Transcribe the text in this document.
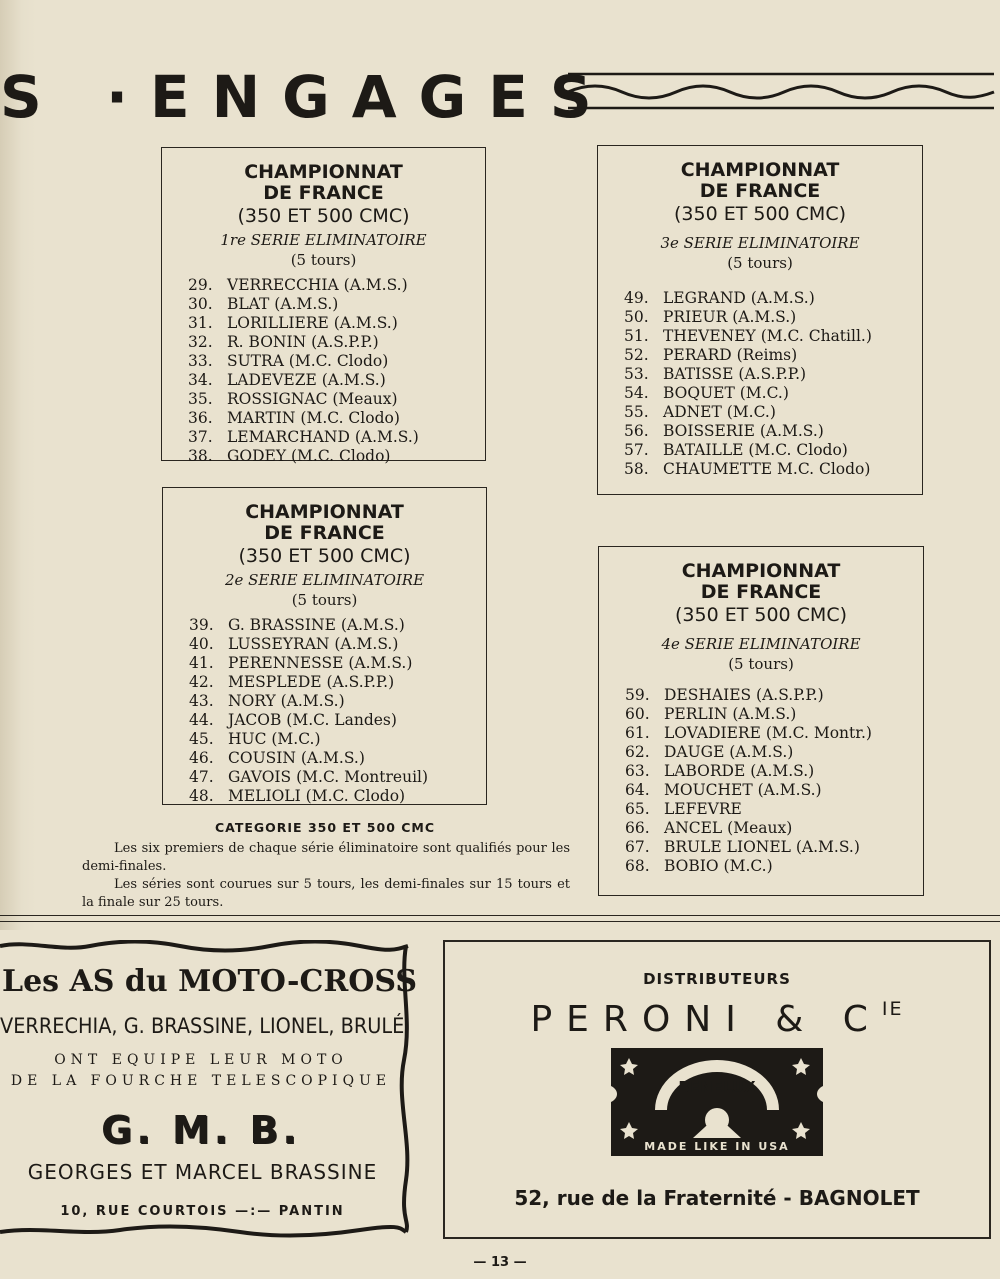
S ·ENGAGES
CHAMPIONNAT
DE FRANCE
(350 ET 500 CMC)
1re SERIE ELIMINATOIRE
(5 tours)
29. VERRECCHIA (A.M.S.)
30. BLAT (A.M.S.)
31. LORILLIERE (A.M.S.)
32. R. BONIN (A.S.P.P.)
33. SUTRA (M.C. Clodo)
34. LADEVEZE (A.M.S.)
35. ROSSIGNAC (Meaux)
36. MARTIN (M.C. Clodo)
37. LEMARCHAND (A.M.S.)
38. GODEY (M.C. Clodo)
CHAMPIONNAT
DE FRANCE
(350 ET 500 CMC)
2e SERIE ELIMINATOIRE
(5 tours)
39. G. BRASSINE (A.M.S.)
40. LUSSEYRAN (A.M.S.)
41. PERENNESSE (A.M.S.)
42. MESPLEDE (A.S.P.P.)
43. NORY (A.M.S.)
44. JACOB (M.C. Landes)
45. HUC (M.C.)
46. COUSIN (A.M.S.)
47. GAVOIS (M.C. Montreuil)
48. MELIOLI (M.C. Clodo)
CHAMPIONNAT
DE FRANCE
(350 ET 500 CMC)
3e SERIE ELIMINATOIRE
(5 tours)
49. LEGRAND (A.M.S.)
50. PRIEUR (A.M.S.)
51. THEVENEY (M.C. Chatill.)
52. PERARD (Reims)
53. BATISSE (A.S.P.P.)
54. BOQUET (M.C.)
55. ADNET (M.C.)
56. BOISSERIE (A.M.S.)
57. BATAILLE (M.C. Clodo)
58. CHAUMETTE M.C. Clodo)
CHAMPIONNAT
DE FRANCE
(350 ET 500 CMC)
4e SERIE ELIMINATOIRE
(5 tours)
59. DESHAIES (A.S.P.P.)
60. PERLIN (A.M.S.)
61. LOVADIERE (M.C. Montr.)
62. DAUGE (A.M.S.)
63. LABORDE (A.M.S.)
64. MOUCHET (A.M.S.)
65. LEFEVRE
66. ANCEL (Meaux)
67. BRULE LIONEL (A.M.S.)
68. BOBIO (M.C.)
CATEGORIE 350 ET 500 CMC

Les six premiers de chaque série éliminatoire sont qualifiés pour les demi-finales.

Les séries sont courues sur 5 tours, les demi-finales sur 15 tours et la finale sur 25 tours.

Les AS du MOTO-CROSS
VERRECHIA, G. BRASSINE, LIONEL, BRULÉ
ONT EQUIPE LEUR MOTO
DE LA FOURCHE TELESCOPIQUE
G. M. B.
GEORGES ET MARCEL BRASSINE
10, RUE COURTOIS —:— PANTIN
DISTRIBUTEURS
PERONI & $C^{IE}$
BENELUX
MADE LIKE IN USA
52, rue de la Fraternité - BAGNOLET
— 13 —
